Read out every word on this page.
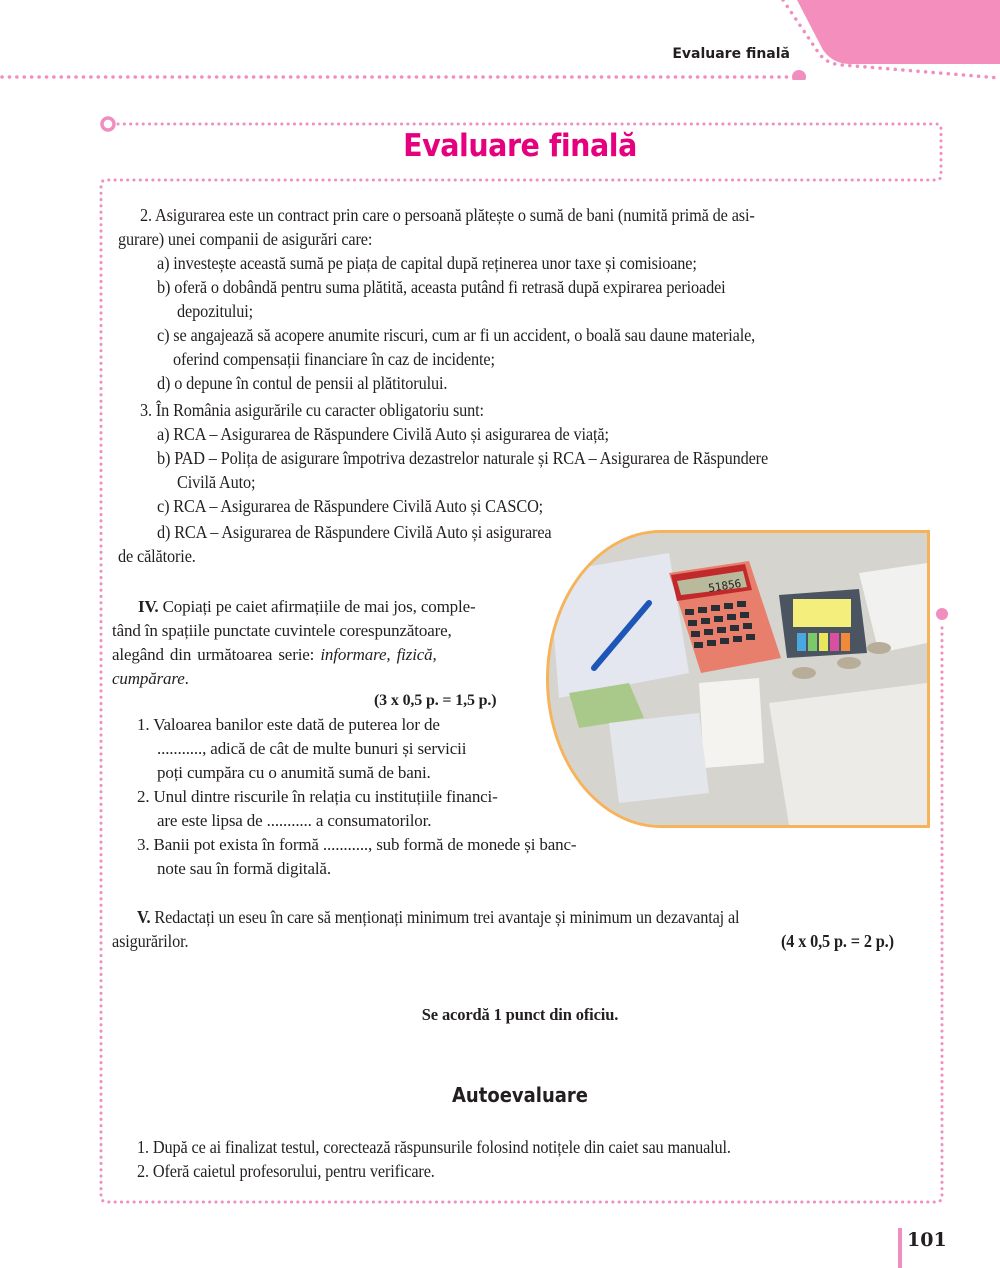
Evaluare finală
Evaluare finală
2. Asigurarea este un contract prin care o persoană plătește o sumă de bani (numită primă de asi-
gurare) unei companii de asigurări care:
a) investește această sumă pe piața de capital după reținerea unor taxe și comisioane;
b) oferă o dobândă pentru suma plătită, aceasta putând fi retrasă după expirarea perioadei
depozitului;
c) se angajează să acopere anumite riscuri, cum ar fi un accident, o boală sau daune materiale,
oferind compensații financiare în caz de incidente;
d) o depune în contul de pensii al plătitorului.
3. În România asigurările cu caracter obligatoriu sunt:
a) RCA – Asigurarea de Răspundere Civilă Auto și asigurarea de viață;
b) PAD – Polița de asigurare împotriva dezastrelor naturale și RCA – Asigurarea de Răspundere
Civilă Auto;
c) RCA – Asigurarea de Răspundere Civilă Auto și CASCO;
d) RCA – Asigurarea de Răspundere Civilă Auto și asigurarea
de călătorie.
51856
IV. Copiați pe caiet afirmațiile de mai jos, comple-
tând în spațiile punctate cuvintele corespunzătoare,
alegând din următoarea serie: informare, fizică,
cumpărare.
(3 x 0,5 p. = 1,5 p.)
1. Valoarea banilor este dată de puterea lor de
..........., adică de cât de multe bunuri și servicii
poți cumpăra cu o anumită sumă de bani.
2. Unul dintre riscurile în relația cu instituțiile financi-
are este lipsa de ........... a consumatorilor.
3. Banii pot exista în formă ..........., sub formă de monede și banc-
note sau în formă digitală.
V. Redactați un eseu în care să menționați minimum trei avantaje și minimum un dezavantaj al
asigurărilor.	(4 x 0,5 p. = 2 p.)
Se acordă 1 punct din oficiu.
Autoevaluare
1. După ce ai finalizat testul, corectează răspunsurile folosind notițele din caiet sau manualul.
2. Oferă caietul profesorului, pentru verificare.
101
